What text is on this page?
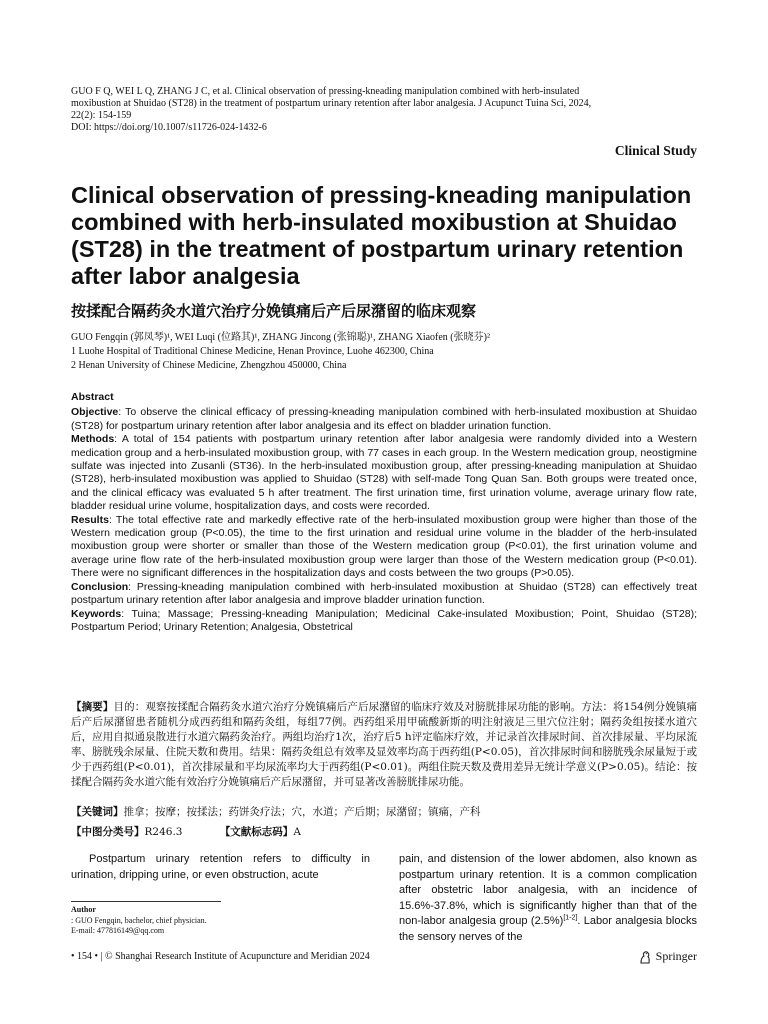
GUO F Q, WEI L Q, ZHANG J C, et al. Clinical observation of pressing-kneading manipulation combined with herb-insulated
moxibustion at Shuidao (ST28) in the treatment of postpartum urinary retention after labor analgesia. J Acupunct Tuina Sci, 2024,
22(2): 154-159
DOI: https://doi.org/10.1007/s11726-024-1432-6
Clinical Study
Clinical observation of pressing-kneading manipulation combined with herb-insulated moxibustion at Shuidao (ST28) in the treatment of postpartum urinary retention after labor analgesia
按揉配合隔药灸水道穴治疗分娩镇痛后产后尿潴留的临床观察
GUO Fengqin (郭凤琴)¹, WEI Luqi (位路其)¹, ZHANG Jincong (张锦聪)¹, ZHANG Xiaofen (张晓芬)²
1 Luohe Hospital of Traditional Chinese Medicine, Henan Province, Luohe 462300, China
2 Henan University of Chinese Medicine, Zhengzhou 450000, China

Abstract

Objective: To observe the clinical efficacy of pressing-kneading manipulation combined with herb-insulated moxibustion at Shuidao (ST28) for postpartum urinary retention after labor analgesia and its effect on bladder urination function.

Methods: A total of 154 patients with postpartum urinary retention after labor analgesia were randomly divided into a Western medication group and a herb-insulated moxibustion group, with 77 cases in each group. In the Western medication group, neostigmine sulfate was injected into Zusanli (ST36). In the herb-insulated moxibustion group, after pressing-kneading manipulation at Shuidao (ST28), herb-insulated moxibustion was applied to Shuidao (ST28) with self-made Tong Quan San. Both groups were treated once, and the clinical efficacy was evaluated 5 h after treatment. The first urination time, first urination volume, average urinary flow rate, bladder residual urine volume, hospitalization days, and costs were recorded.

Results: The total effective rate and markedly effective rate of the herb-insulated moxibustion group were higher than those of the Western medication group (P<0.05), the time to the first urination and residual urine volume in the bladder of the herb-insulated moxibustion group were shorter or smaller than those of the Western medication group (P<0.01), the first urination volume and average urine flow rate of the herb-insulated moxibustion group were larger than those of the Western medication group (P<0.01). There were no significant differences in the hospitalization days and costs between the two groups (P>0.05).

Conclusion: Pressing-kneading manipulation combined with herb-insulated moxibustion at Shuidao (ST28) can effectively treat postpartum urinary retention after labor analgesia and improve bladder urination function.

Keywords: Tuina; Massage; Pressing-kneading Manipulation; Medicinal Cake-insulated Moxibustion; Point, Shuidao (ST28); Postpartum Period; Urinary Retention; Analgesia, Obstetrical

【摘要】目的：观察按揉配合隔药灸水道穴治疗分娩镇痛后产后尿潴留的临床疗效及对膀胱排尿功能的影响。方法：将154例分娩镇痛后产后尿潴留患者随机分成西药组和隔药灸组，每组77例。西药组采用甲硫酸新斯的明注射液足三里穴位注射；隔药灸组按揉水道穴后，应用自拟通泉散进行水道穴隔药灸治疗。两组均治疗1次，治疗后5 h评定临床疗效，并记录首次排尿时间、首次排尿量、平均尿流率、膀胱残余尿量、住院天数和费用。结果：隔药灸组总有效率及显效率均高于西药组(P<0.05)，首次排尿时间和膀胱残余尿量短于或少于西药组(P<0.01)，首次排尿量和平均尿流率均大于西药组(P<0.01)。两组住院天数及费用差异无统计学意义(P>0.05)。结论：按揉配合隔药灸水道穴能有效治疗分娩镇痛后产后尿潴留，并可显著改善膀胱排尿功能。

【关键词】推拿；按摩；按揉法；药饼灸疗法；穴，水道；产后期；尿潴留；镇痛，产科
【中图分类号】R246.3	【文献标志码】A

Postpartum urinary retention refers to difficulty in urination, dripping urine, or even obstruction, acute

Author
: GUO Fengqin, bachelor, chief physician.
E-mail: 477816149@qq.com

pain, and distension of the lower abdomen, also known as postpartum urinary retention. It is a common complication after obstetric labor analgesia, with an incidence of 15.6%-37.8%, which is significantly higher than that of the non-labor analgesia group (2.5%)[1-2]. Labor analgesia blocks the sensory nerves of the

• 154 • | © Shanghai Research Institute of Acupuncture and Meridian 2024	Springer
